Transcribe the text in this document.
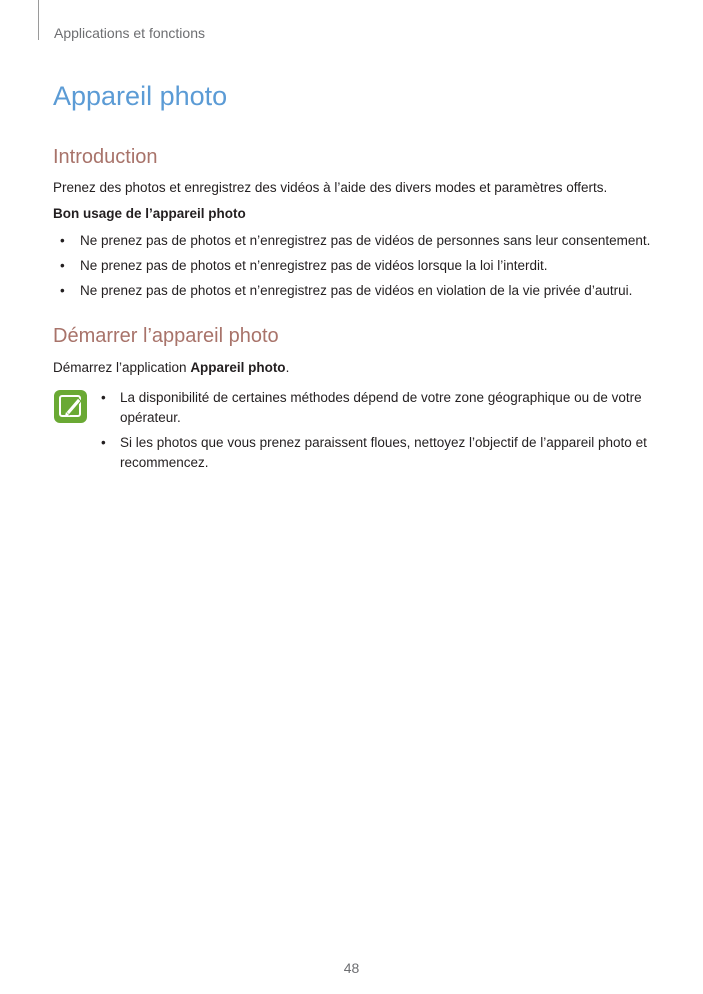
Applications et fonctions
Appareil photo
Introduction
Prenez des photos et enregistrez des vidéos à l’aide des divers modes et paramètres offerts.
Bon usage de l’appareil photo
• Ne prenez pas de photos et n’enregistrez pas de vidéos de personnes sans leur consentement.
• Ne prenez pas de photos et n’enregistrez pas de vidéos lorsque la loi l’interdit.
• Ne prenez pas de photos et n’enregistrez pas de vidéos en violation de la vie privée d’autrui.
Démarrer l’appareil photo
Démarrez l’application Appareil photo.
• La disponibilité de certaines méthodes dépend de votre zone géographique ou de votre opérateur.
• Si les photos que vous prenez paraissent floues, nettoyez l’objectif de l’appareil photo et recommencez.
48
